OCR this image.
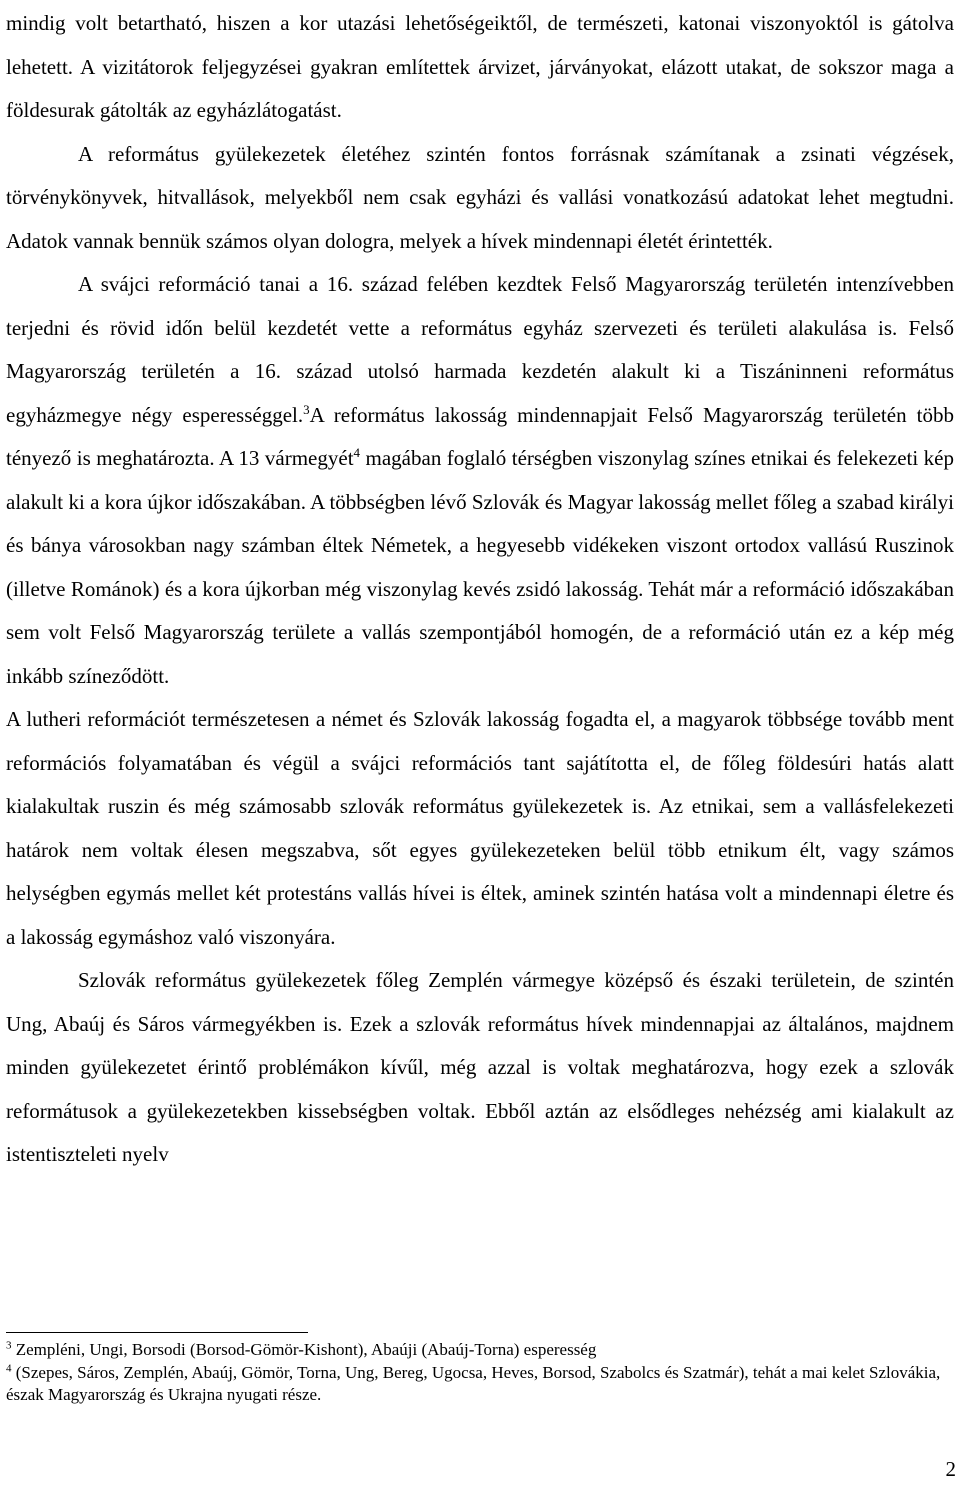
mindig volt betartható, hiszen a kor utazási lehetőségeiktől, de természeti, katonai viszonyoktól is gátolva lehetett. A vizitátorok feljegyzései gyakran említettek árvizet, járványokat, elázott utakat, de sokszor maga a földesurak gátolták az egyházlátogatást.

A református gyülekezetek életéhez szintén fontos forrásnak számítanak a zsinati végzések, törvénykönyvek, hitvallások, melyekből nem csak egyházi és vallási vonatkozású adatokat lehet megtudni. Adatok vannak bennük számos olyan dologra, melyek a hívek mindennapi életét érintették.

A svájci reformáció tanai a 16. század felében kezdtek Felső Magyarország területén intenzívebben terjedni és rövid időn belül kezdetét vette a református egyház szervezeti és területi alakulása is. Felső Magyarország területén a 16. század utolsó harmada kezdetén alakult ki a Tiszáninneni református egyházmegye négy esperességgel.$^3$A református lakosság mindennapjait Felső Magyarország területén több tényező is meghatározta. A 13 vármegyét$^4$ magában foglaló térségben viszonylag színes etnikai és felekezeti kép alakult ki a kora újkor időszakában. A többségben lévő Szlovák és Magyar lakosság mellet főleg a szabad királyi és bánya városokban nagy számban éltek Németek, a hegyesebb vidékeken viszont ortodox vallású Ruszinok (illetve Románok) és a kora újkorban még viszonylag kevés zsidó lakosság. Tehát már a reformáció időszakában sem volt Felső Magyarország területe a vallás szempontjából homogén, de a reformáció után ez a kép még inkább színeződött.

A lutheri reformációt természetesen a német és Szlovák lakosság fogadta el, a magyarok többsége tovább ment reformációs folyamatában és végül a svájci reformációs tant sajátította el, de főleg földesúri hatás alatt kialakultak ruszin és még számosabb szlovák református gyülekezetek is. Az etnikai, sem a vallásfelekezeti határok nem voltak élesen megszabva, sőt egyes gyülekezeteken belül több etnikum élt, vagy számos helységben egymás mellet két protestáns vallás hívei is éltek, aminek szintén hatása volt a mindennapi életre és a lakosság egymáshoz való viszonyára.

Szlovák református gyülekezetek főleg Zemplén vármegye középső és északi területein, de szintén Ung, Abaúj és Sáros vármegyékben is. Ezek a szlovák református hívek mindennapjai az általános, majdnem minden gyülekezetet érintő problémákon kívűl, még azzal is voltak meghatározva, hogy ezek a szlovák reformátusok a gyülekezetekben kissebségben voltak. Ebből aztán az elsődleges nehézség ami kialakult az istentiszteleti nyelv

$^3$ Zempléni, Ungi, Borsodi (Borsod-Gömör-Kishont), Abaúji (Abaúj-Torna) esperesség

$^4$ (Szepes, Sáros, Zemplén, Abaúj, Gömör, Torna, Ung, Bereg, Ugocsa, Heves, Borsod, Szabolcs és Szatmár), tehát a mai kelet Szlovákia, észak Magyarország és Ukrajna nyugati része.

2
